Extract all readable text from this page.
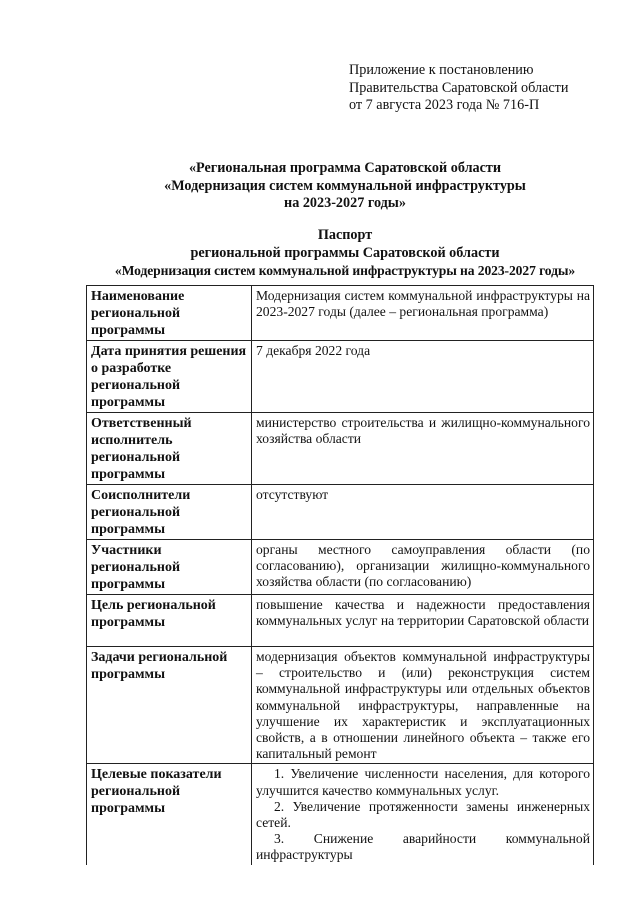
Приложение к постановлению
Правительства Саратовской области
от 7 августа 2023 года № 716-П
«Региональная программа Саратовской области
«Модернизация систем коммунальной инфраструктуры
на 2023-2027 годы»
Паспорт
региональной программы Саратовской области
«Модернизация систем коммунальной инфраструктуры на 2023-2027 годы»
Наименование региональной программы	Модернизация систем коммунальной инфраструктуры на 2023-2027 годы (далее – региональная программа)
Дата принятия решения о разработке региональной программы	7 декабря 2022 года
Ответственный исполнитель региональной программы	министерство строительства и жилищно-коммунального хозяйства области
Соисполнители региональной программы	отсутствуют
Участники региональной программы	органы местного самоуправления области (по согласованию), организации жилищно-коммунального хозяйства области (по согласованию)
Цель региональной программы	повышение качества и надежности предоставления коммунальных услуг на территории Саратовской области
Задачи региональной программы	модернизация объектов коммунальной инфраструктуры – строительство и (или) реконструкция систем коммунальной инфраструктуры или отдельных объектов коммунальной инфраструктуры, направленные на улучшение их характеристик и эксплуатационных свойств, а в отношении линейного объекта – также его капитальный ремонт
Целевые показатели региональной программы	1. Увеличение численности населения, для которого улучшится качество коммунальных услуг.

2. Увеличение протяженности замены инженерных сетей.

3. Снижение аварийности коммунальной инфраструктуры
